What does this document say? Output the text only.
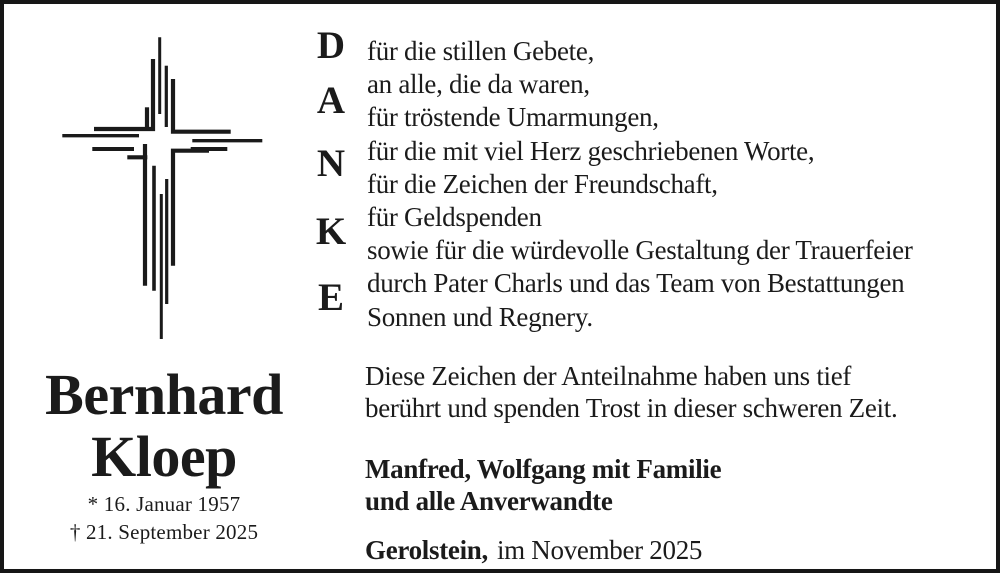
D
A
N
K
E
für die stillen Gebete,
an alle, die da waren,
für tröstende Umarmungen,
für die mit viel Herz geschriebenen Worte,
für die Zeichen der Freundschaft,
für Geldspenden
sowie für die würdevolle Gestaltung der Trauerfeier
durch Pater Charls und das Team von Bestattungen
Sonnen und Regnery.
Diese Zeichen der Anteilnahme haben uns tief
berührt und spenden Trost in dieser schweren Zeit.
Manfred, Wolfgang mit Familie
und alle Anverwandte
Gerolstein, im November 2025
Bernhard
Kloep
* 16. Januar 1957
† 21. September 2025
